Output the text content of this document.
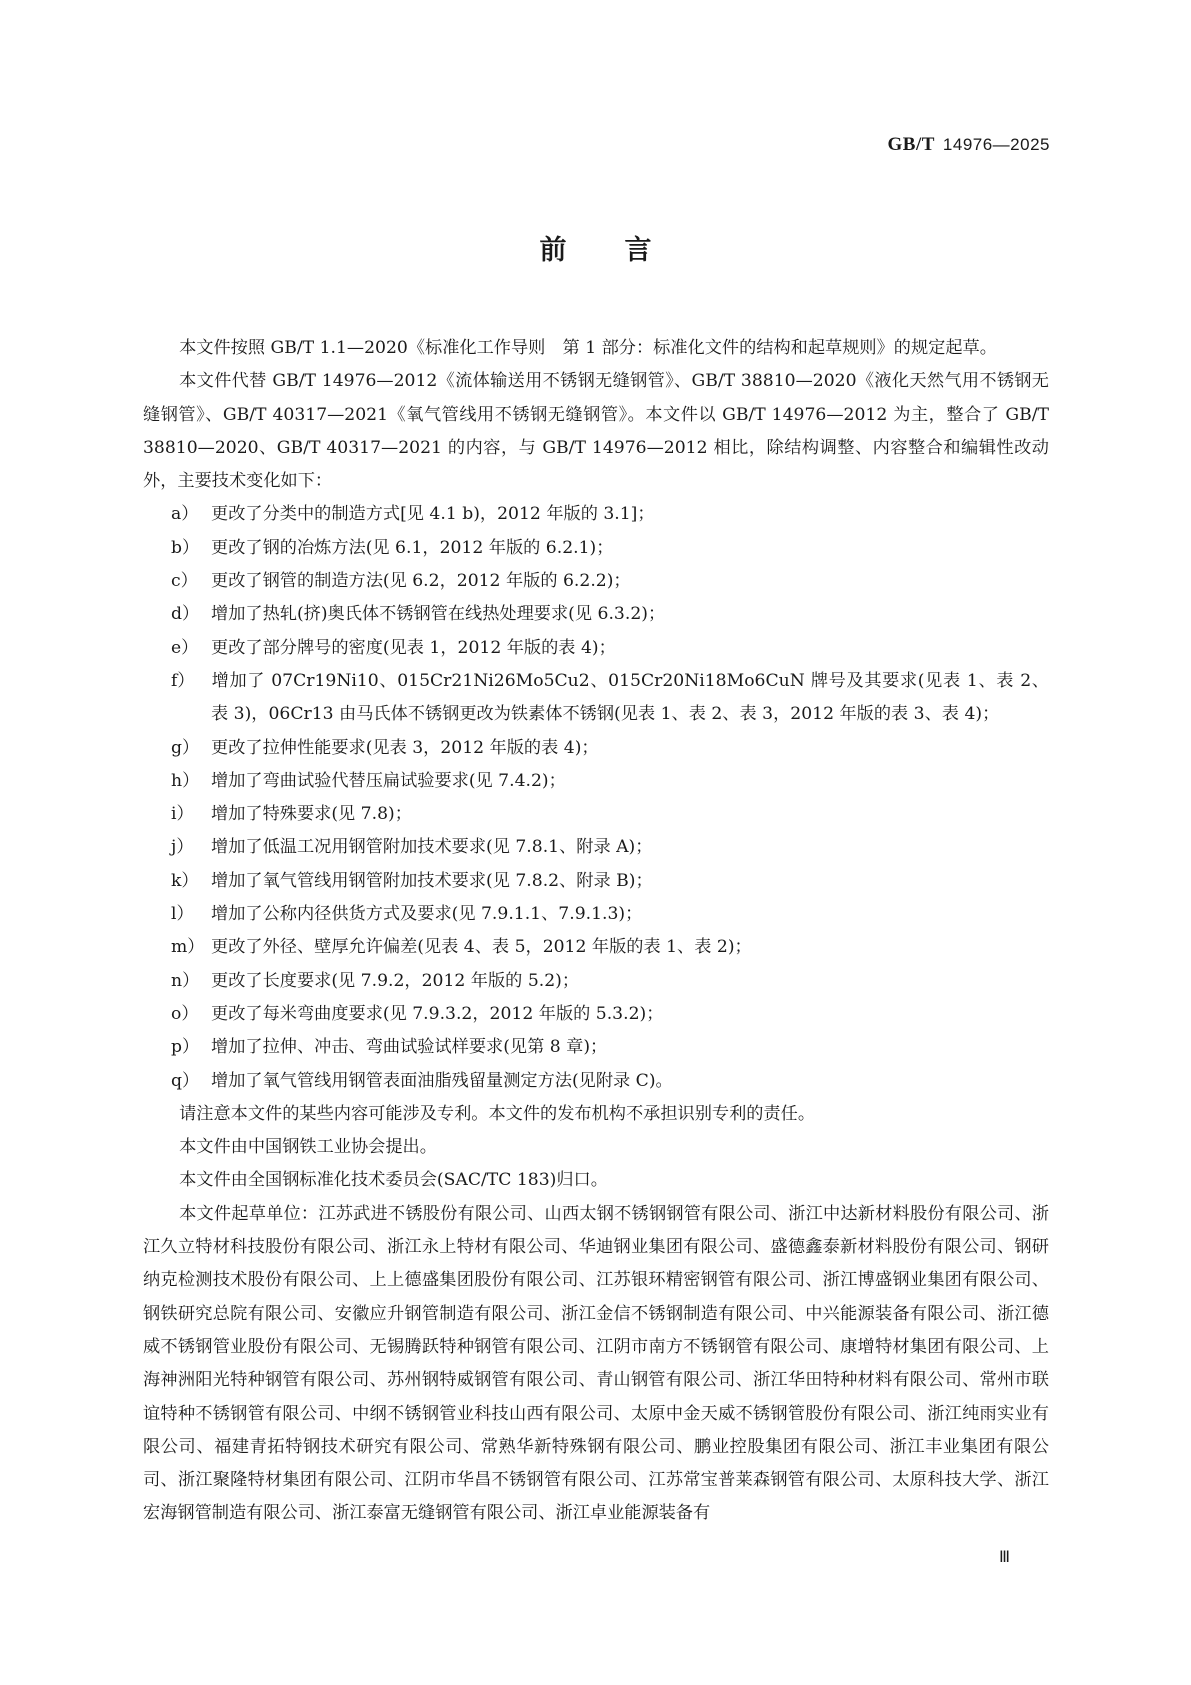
GB/T 14976—2025
前言

本文件按照 GB/T 1.1—2020《标准化工作导则　第 1 部分：标准化文件的结构和起草规则》的规定起草。

本文件代替 GB/T 14976—2012《流体输送用不锈钢无缝钢管》、GB/T 38810—2020《液化天然气用不锈钢无缝钢管》、GB/T 40317—2021《氧气管线用不锈钢无缝钢管》。本文件以 GB/T 14976—2012 为主，整合了 GB/T 38810—2020、GB/T 40317—2021 的内容，与 GB/T 14976—2012 相比，除结构调整、内容整合和编辑性改动外，主要技术变化如下：

a） 更改了分类中的制造方式[见 4.1 b)，2012 年版的 3.1]；
b） 更改了钢的冶炼方法(见 6.1，2012 年版的 6.2.1)；
c） 更改了钢管的制造方法(见 6.2，2012 年版的 6.2.2)；
d） 增加了热轧(挤)奥氏体不锈钢管在线热处理要求(见 6.3.2)；
e） 更改了部分牌号的密度(见表 1，2012 年版的表 4)；
f） 增加了 07Cr19Ni10、015Cr21Ni26Mo5Cu2、015Cr20Ni18Mo6CuN 牌号及其要求(见表 1、表 2、表 3)，06Cr13 由马氏体不锈钢更改为铁素体不锈钢(见表 1、表 2、表 3，2012 年版的表 3、表 4)；
g） 更改了拉伸性能要求(见表 3，2012 年版的表 4)；
h） 增加了弯曲试验代替压扁试验要求(见 7.4.2)；
i） 增加了特殊要求(见 7.8)；
j） 增加了低温工况用钢管附加技术要求(见 7.8.1、附录 A)；
k） 增加了氧气管线用钢管附加技术要求(见 7.8.2、附录 B)；
l） 增加了公称内径供货方式及要求(见 7.9.1.1、7.9.1.3)；
m） 更改了外径、壁厚允许偏差(见表 4、表 5，2012 年版的表 1、表 2)；
n） 更改了长度要求(见 7.9.2，2012 年版的 5.2)；
o） 更改了每米弯曲度要求(见 7.9.3.2，2012 年版的 5.3.2)；
p） 增加了拉伸、冲击、弯曲试验试样要求(见第 8 章)；
q） 增加了氧气管线用钢管表面油脂残留量测定方法(见附录 C)。

请注意本文件的某些内容可能涉及专利。本文件的发布机构不承担识别专利的责任。

本文件由中国钢铁工业协会提出。

本文件由全国钢标准化技术委员会(SAC/TC 183)归口。

本文件起草单位：江苏武进不锈股份有限公司、山西太钢不锈钢钢管有限公司、浙江中达新材料股份有限公司、浙江久立特材科技股份有限公司、浙江永上特材有限公司、华迪钢业集团有限公司、盛德鑫泰新材料股份有限公司、钢研纳克检测技术股份有限公司、上上德盛集团股份有限公司、江苏银环精密钢管有限公司、浙江博盛钢业集团有限公司、钢铁研究总院有限公司、安徽应升钢管制造有限公司、浙江金信不锈钢制造有限公司、中兴能源装备有限公司、浙江德威不锈钢管业股份有限公司、无锡腾跃特种钢管有限公司、江阴市南方不锈钢管有限公司、康增特材集团有限公司、上海神洲阳光特种钢管有限公司、苏州钢特威钢管有限公司、青山钢管有限公司、浙江华田特种材料有限公司、常州市联谊特种不锈钢管有限公司、中纲不锈钢管业科技山西有限公司、太原中金天威不锈钢管股份有限公司、浙江纯雨实业有限公司、福建青拓特钢技术研究有限公司、常熟华新特殊钢有限公司、鹏业控股集团有限公司、浙江丰业集团有限公司、浙江聚隆特材集团有限公司、江阴市华昌不锈钢管有限公司、江苏常宝普莱森钢管有限公司、太原科技大学、浙江宏海钢管制造有限公司、浙江泰富无缝钢管有限公司、浙江卓业能源装备有

Ⅲ
